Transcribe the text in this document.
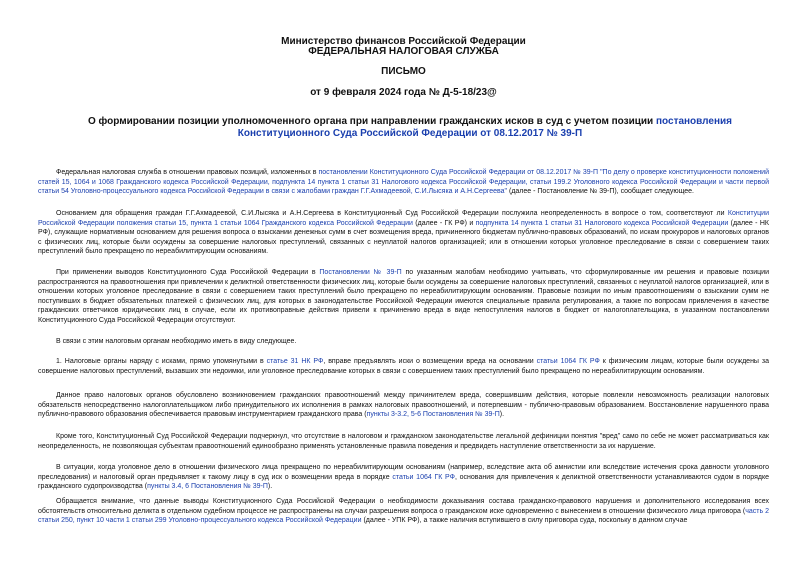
Министерство финансов Российской Федерации
ФЕДЕРАЛЬНАЯ НАЛОГОВАЯ СЛУЖБА
ПИСЬМО
от 9 февраля 2024 года № Д-5-18/23@
О формировании позиции уполномоченного органа при направлении гражданских исков в суд с учетом позиции постановления Конституционного Суда Российской Федерации от 08.12.2017 № 39-П
Федеральная налоговая служба в отношении правовых позиций, изложенных в постановлении Конституционного Суда Российской Федерации от 08.12.2017 № 39-П "По делу о проверке конституционности положений статей 15, 1064 и 1068 Гражданского кодекса Российской Федерации, подпункта 14 пункта 1 статьи 31 Налогового кодекса Российской Федерации, статьи 199.2 Уголовного кодекса Российской Федерации и части первой статьи 54 Уголовно-процессуального кодекса Российской Федерации в связи с жалобами граждан Г.Г.Ахмадеевой, С.И.Лысяка и А.Н.Сергеева" (далее - Постановление № 39-П), сообщает следующее.
Основанием для обращения граждан Г.Г.Ахмадеевой, С.И.Лысяка и А.Н.Сергеева в Конституционный Суд Российской Федерации послужила неопределенность в вопросе о том, соответствуют ли Конституции Российской Федерации положения статьи 15, пункта 1 статьи 1064 Гражданского кодекса Российской Федерации (далее - ГК РФ) и подпункта 14 пункта 1 статьи 31 Налогового кодекса Российской Федерации (далее - НК РФ), служащие нормативным основанием для решения вопроса о взыскании денежных сумм в счет возмещения вреда, причиненного бюджетам публично-правовых образований, по искам прокуроров и налоговых органов с физических лиц, которые были осуждены за совершение налоговых преступлений, связанных с неуплатой налогов организацией; или в отношении которых уголовное преследование в связи с совершением таких преступлений было прекращено по нереабилитирующим основаниям.
При применении выводов Конституционного Суда Российской Федерации в Постановлении № 39-П по указанным жалобам необходимо учитывать, что сформулированные им решения и правовые позиции распространяются на правоотношения при привлечении к деликтной ответственности физических лиц, которые были осуждены за совершение налоговых преступлений, связанных с неуплатой налогов организацией, или в отношении которых уголовное преследование в связи с совершением таких преступлений было прекращено по нереабилитирующим основаниям. Правовые позиции по иным правоотношениям о взыскании сумм не поступивших в бюджет обязательных платежей с физических лиц, для которых в законодательстве Российской Федерации имеются специальные правила регулирования, а также по вопросам привлечения в качестве гражданских ответчиков юридических лиц в случае, если их противоправные действия привели к причинению вреда в виде непоступления налогов в бюджет от налогоплательщика, в указанном постановлении Конституционного Суда Российской Федерации отсутствуют.
В связи с этим налоговым органам необходимо иметь в виду следующее.
1. Налоговые органы наряду с исками, прямо упомянутыми в статье 31 НК РФ, вправе предъявлять иски о возмещении вреда на основании статьи 1064 ГК РФ к физическим лицам, которые были осуждены за совершение налоговых преступлений, вызавших эти недоимки, или уголовное преследование которых в связи с совершением таких преступлений было прекращено по нереабилитирующим основаниям.
Данное право налоговых органов обусловлено возникновением гражданских правоотношений между причинителем вреда, совершившим действия, которые повлекли невозможность реализации налоговых обязательств непосредственно налогоплательщиком либо принудительного их исполнения в рамках налоговых правоотношений, и потерпевшим - публично-правовым образованием. Восстановление нарушенного права публично-правового образования обеспечивается правовым инструментарием гражданского права (пункты 3-3.2, 5-6 Постановления № 39-П).
Кроме того, Конституционный Суд Российской Федерации подчеркнул, что отсутствие в налоговом и гражданском законодательстве легальной дефиниции понятия "вред" само по себе не может рассматриваться как неопределенность, не позволяющая субъектам правоотношений единообразно применять установленные правила поведения и предвидеть наступление ответственности за их нарушение.
В ситуации, когда уголовное дело в отношении физического лица прекращено по нереабилитирующим основаниям (например, вследствие акта об амнистии или вследствие истечения срока давности уголовного преследования) и налоговый орган предъявляет к такому лицу в суд иск о возмещении вреда в порядке статьи 1064 ГК РФ, основания для привлечения к деликтной ответственности устанавливаются судом в порядке гражданского судопроизводства (пункты 3.4, 6 Постановления № 39-П).
Обращается внимание, что данные выводы Конституционного Суда Российской Федерации о необходимости доказывания состава гражданско-правового нарушения и дополнительного исследования всех обстоятельств относительно деликта в отдельном судебном процессе не распространены на случаи разрешения вопроса о гражданском иске одновременно с вынесением в отношении физического лица приговора (часть 2 статьи 250, пункт 10 части 1 статьи 299 Уголовно-процессуального кодекса Российской Федерации (далее - УПК РФ), а также наличия вступившего в силу приговора суда, поскольку в данном случае
